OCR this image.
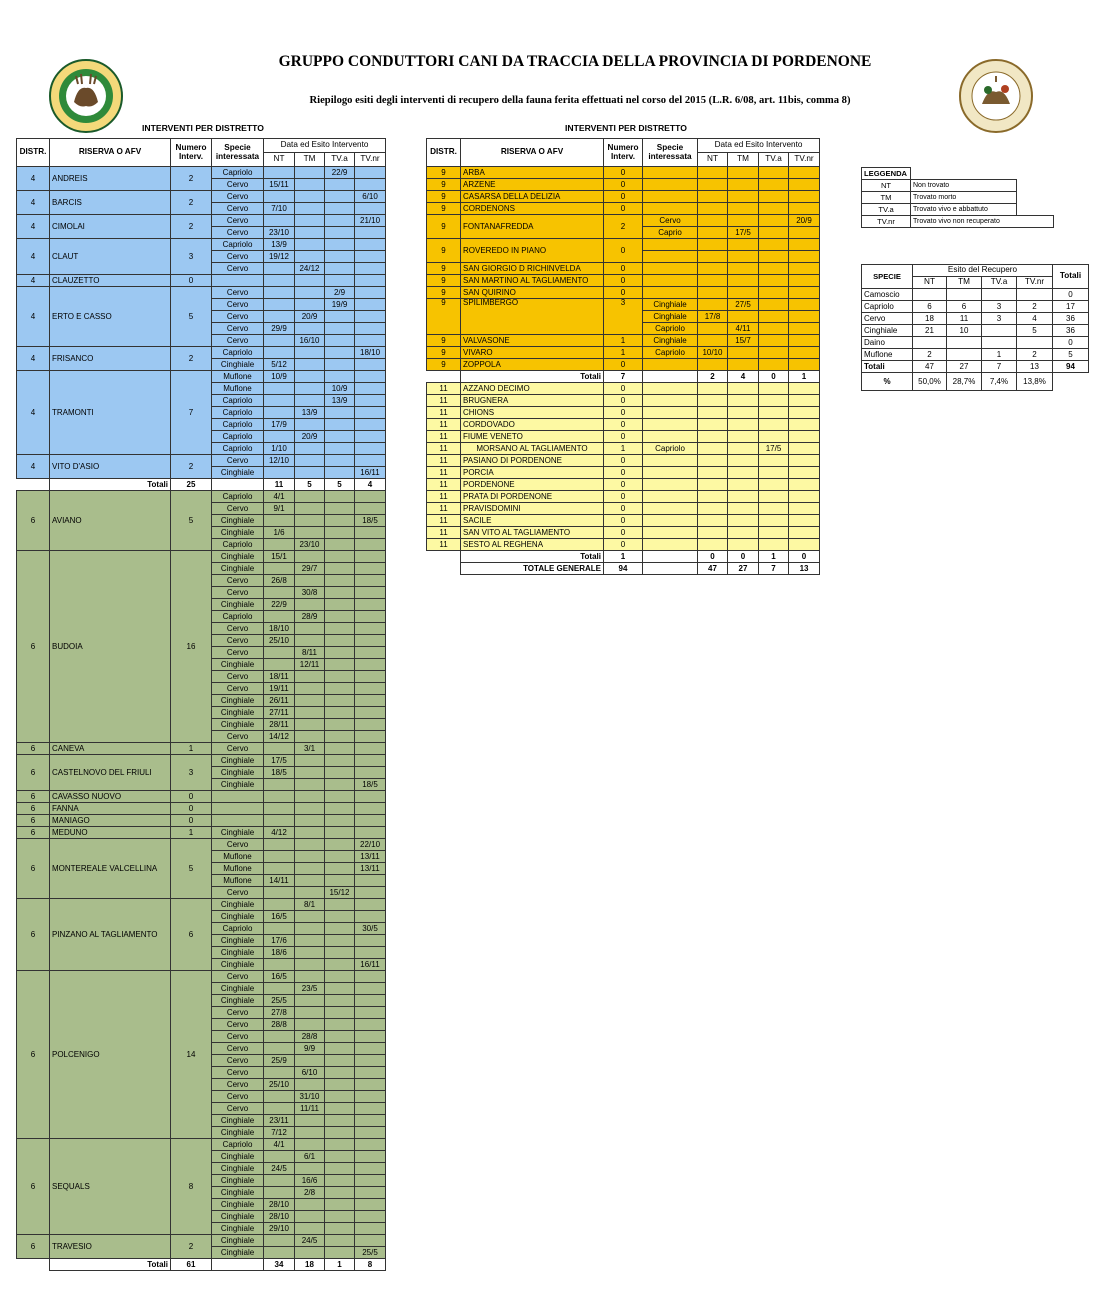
GRUPPO CONDUTTORI CANI DA TRACCIA DELLA PROVINCIA DI PORDENONE
Riepilogo esiti degli interventi di recupero della fauna ferita effettuati nel corso del 2015 (L.R. 6/08, art. 11bis, comma 8)
INTERVENTI PER DISTRETTO	INTERVENTI PER DISTRETTO
DISTR.	RISERVA O AFV	Numero
Interv.	Specie
interessata	Data ed Esito Intervento			
				NT	TM	TV.a	TV.nr
4	ANDREIS	2	Capriolo			22/9	
			Cervo	15/11			
4	BARCIS	2	Cervo				6/10
			Cervo	7/10			
4	CIMOLAI	2	Cervo				21/10
			Cervo	23/10			
4	CLAUT	3	Capriolo	13/9			
			Cervo	19/12			
			Cervo		24/12		
4	CLAUZETTO	0					
4	ERTO E CASSO	5	Cervo			2/9	
			Cervo			19/9	
			Cervo		20/9		
			Cervo	29/9			
			Cervo		16/10		
4	FRISANCO	2	Capriolo				18/10
			Cinghiale	5/12			
4	TRAMONTI	7	Muflone	10/9			
			Muflone			10/9	
			Capriolo			13/9	
			Capriolo		13/9		
			Capriolo	17/9			
			Capriolo		20/9		
			Capriolo	1/10			
4	VITO D'ASIO	2	Cervo	12/10			
			Cinghiale				16/11
	Totali	25		11	5	5	4
6	AVIANO	5	Capriolo	4/1			
			Cervo	9/1			
			Cinghiale				18/5
			Cinghiale	1/6			
			Capriolo		23/10		
6	BUDOIA	16	Cinghiale	15/1			
			Cinghiale		29/7		
			Cervo	26/8			
			Cervo		30/8		
			Cinghiale	22/9			
			Capriolo		28/9		
			Cervo	18/10			
			Cervo	25/10			
			Cervo		8/11		
			Cinghiale		12/11		
			Cervo	18/11			
			Cervo	19/11			
			Cinghiale	26/11			
			Cinghiale	27/11			
			Cinghiale	28/11			
			Cervo	14/12			
6	CANEVA	1	Cervo		3/1		
6	CASTELNOVO DEL FRIULI	3	Cinghiale	17/5			
			Cinghiale	18/5			
			Cinghiale				18/5
6	CAVASSO NUOVO	0					
6	FANNA	0					
6	MANIAGO	0					
6	MEDUNO	1	Cinghiale	4/12			
6	MONTEREALE VALCELLINA	5	Cervo				22/10
			Muflone				13/11
			Muflone				13/11
			Muflone	14/11			
			Cervo			15/12	
6	PINZANO AL TAGLIAMENTO	6	Cinghiale		8/1		
			Cinghiale	16/5			
			Capriolo				30/5
			Cinghiale	17/6			
			Cinghiale	18/6			
			Cinghiale				16/11
6	POLCENIGO	14	Cervo	16/5			
			Cinghiale		23/5		
			Cinghiale	25/5			
			Cervo	27/8			
			Cervo	28/8			
			Cervo		28/8		
			Cervo		9/9		
			Cervo	25/9			
			Cervo		6/10		
			Cervo	25/10			
			Cervo		31/10		
			Cervo		11/11		
			Cinghiale	23/11			
			Cinghiale	7/12			
6	SEQUALS	8	Capriolo	4/1			
			Cinghiale		6/1		
			Cinghiale	24/5			
			Cinghiale		16/6		
			Cinghiale		2/8		
			Cinghiale	28/10			
			Cinghiale	28/10			
			Cinghiale	29/10			
6	TRAVESIO	2	Cinghiale		24/5		
			Cinghiale				25/5
	Totali	61		34	18	1	8
DISTR.	RISERVA O AFV	Numero
Interv.	Specie
interessata	Data ed Esito Intervento			
				NT	TM	TV.a	TV.nr
9	ARBA	0					
9	ARZENE	0					
9	CASARSA DELLA DELIZIA	0					
9	CORDENONS	0					
9	FONTANAFREDDA	2	Cervo				20/9
			Caprio		17/5		
9	ROVEREDO IN PIANO	0					

9	SAN GIORGIO D RICHINVELDA	0					
9	SAN MARTINO AL TAGLIAMENTO	0					
9	SAN QUIRINO	0					
9	SPILIMBERGO	3	Cinghiale		27/5		
			Cinghiale	17/8			
			Capriolo		4/11		
9	VALVASONE	1	Cinghiale		15/7		
9	VIVARO	1	Capriolo	10/10			
9	ZOPPOLA	0					
	Totali	7		2	4	0	1
11	AZZANO DECIMO	0					
11	BRUGNERA	0					
11	CHIONS	0					
11	CORDOVADO	0					
11	FIUME VENETO	0					
11	MORSANO AL TAGLIAMENTO	1	Capriolo			17/5	
11	PASIANO DI PORDENONE	0					
11	PORCIA	0					
11	PORDENONE	0					
11	PRATA DI PORDENONE	0					
11	PRAVISDOMINI	0					
11	SACILE	0					
11	SAN VITO AL TAGLIAMENTO	0					
11	SESTO AL REGHENA	0					
	Totali	1		0	0	1	0
	TOTALE GENERALE	94		47	27	7	13
LEGGENDA		
NT	Non trovato	
TM	Trovato morto	
TV.a	Trovato vivo e abbattuto	
TV.nr	Trovato vivo non recuperato	
SPECIE	Esito del Recupero				Totali
	NT	TM	TV.a	TV.nr	
Camoscio					0
Capriolo	6	6	3	2	17
Cervo	18	11	3	4	36
Cinghiale	21	10		5	36
Daino					0
Muflone	2		1	2	5
Totali	47	27	7	13	94
%	50,0%	28,7%	7,4%	13,8%	
